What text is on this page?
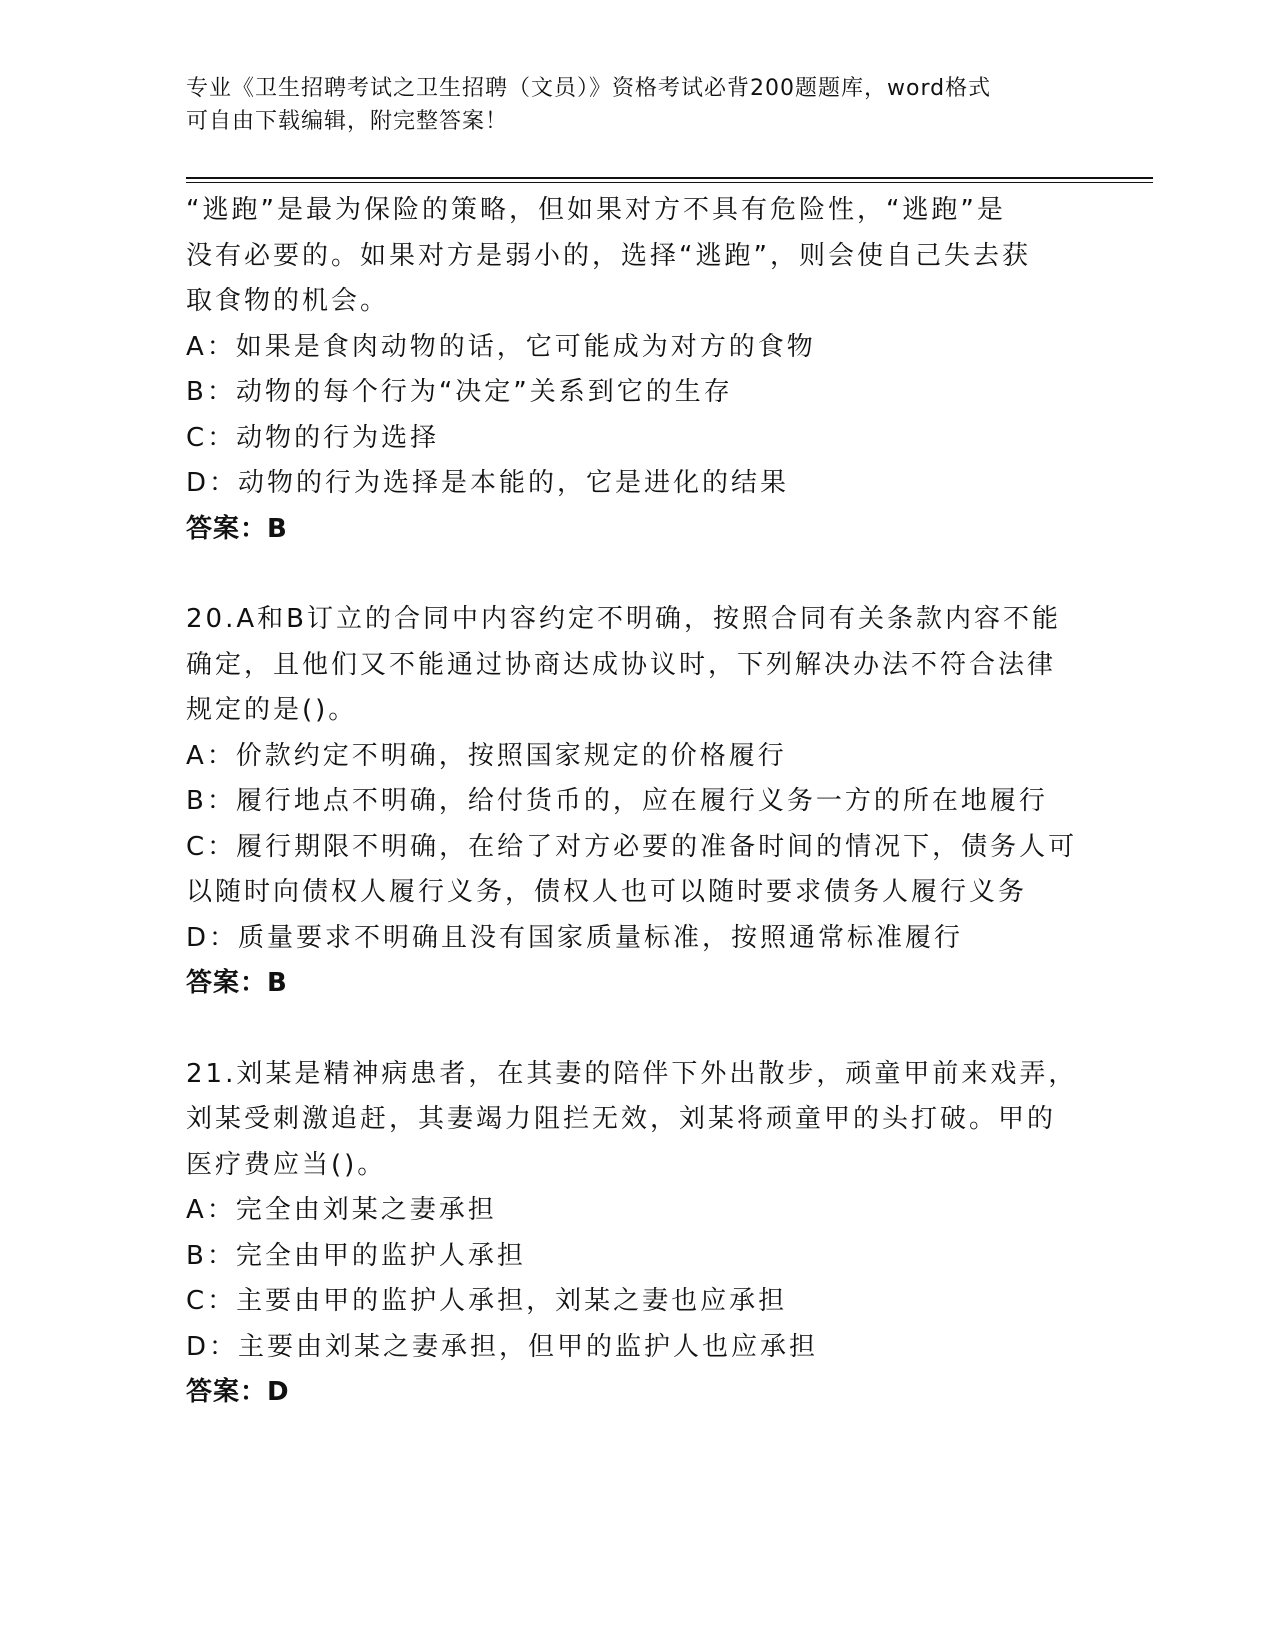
专业《卫生招聘考试之卫生招聘（文员）》资格考试必背200题题库，word格式
可自由下载编辑，附完整答案！

“逃跑”是最为保险的策略，但如果对方不具有危险性，“逃跑”是

没有必要的。如果对方是弱小的，选择“逃跑”，则会使自己失去获

取食物的机会。

A：如果是食肉动物的话，它可能成为对方的食物

B：动物的每个行为“决定”关系到它的生存

C：动物的行为选择

D：动物的行为选择是本能的，它是进化的结果

答案：B

20.A和B订立的合同中内容约定不明确，按照合同有关条款内容不能

确定，且他们又不能通过协商达成协议时，下列解决办法不符合法律

规定的是()。

A：价款约定不明确，按照国家规定的价格履行

B：履行地点不明确，给付货币的，应在履行义务一方的所在地履行

C：履行期限不明确，在给了对方必要的准备时间的情况下，债务人可

以随时向债权人履行义务，债权人也可以随时要求债务人履行义务

D：质量要求不明确且没有国家质量标准，按照通常标准履行

答案：B

21.刘某是精神病患者，在其妻的陪伴下外出散步，顽童甲前来戏弄，

刘某受刺激追赶，其妻竭力阻拦无效，刘某将顽童甲的头打破。甲的

医疗费应当()。

A：完全由刘某之妻承担

B：完全由甲的监护人承担

C：主要由甲的监护人承担，刘某之妻也应承担

D：主要由刘某之妻承担，但甲的监护人也应承担

答案：D
